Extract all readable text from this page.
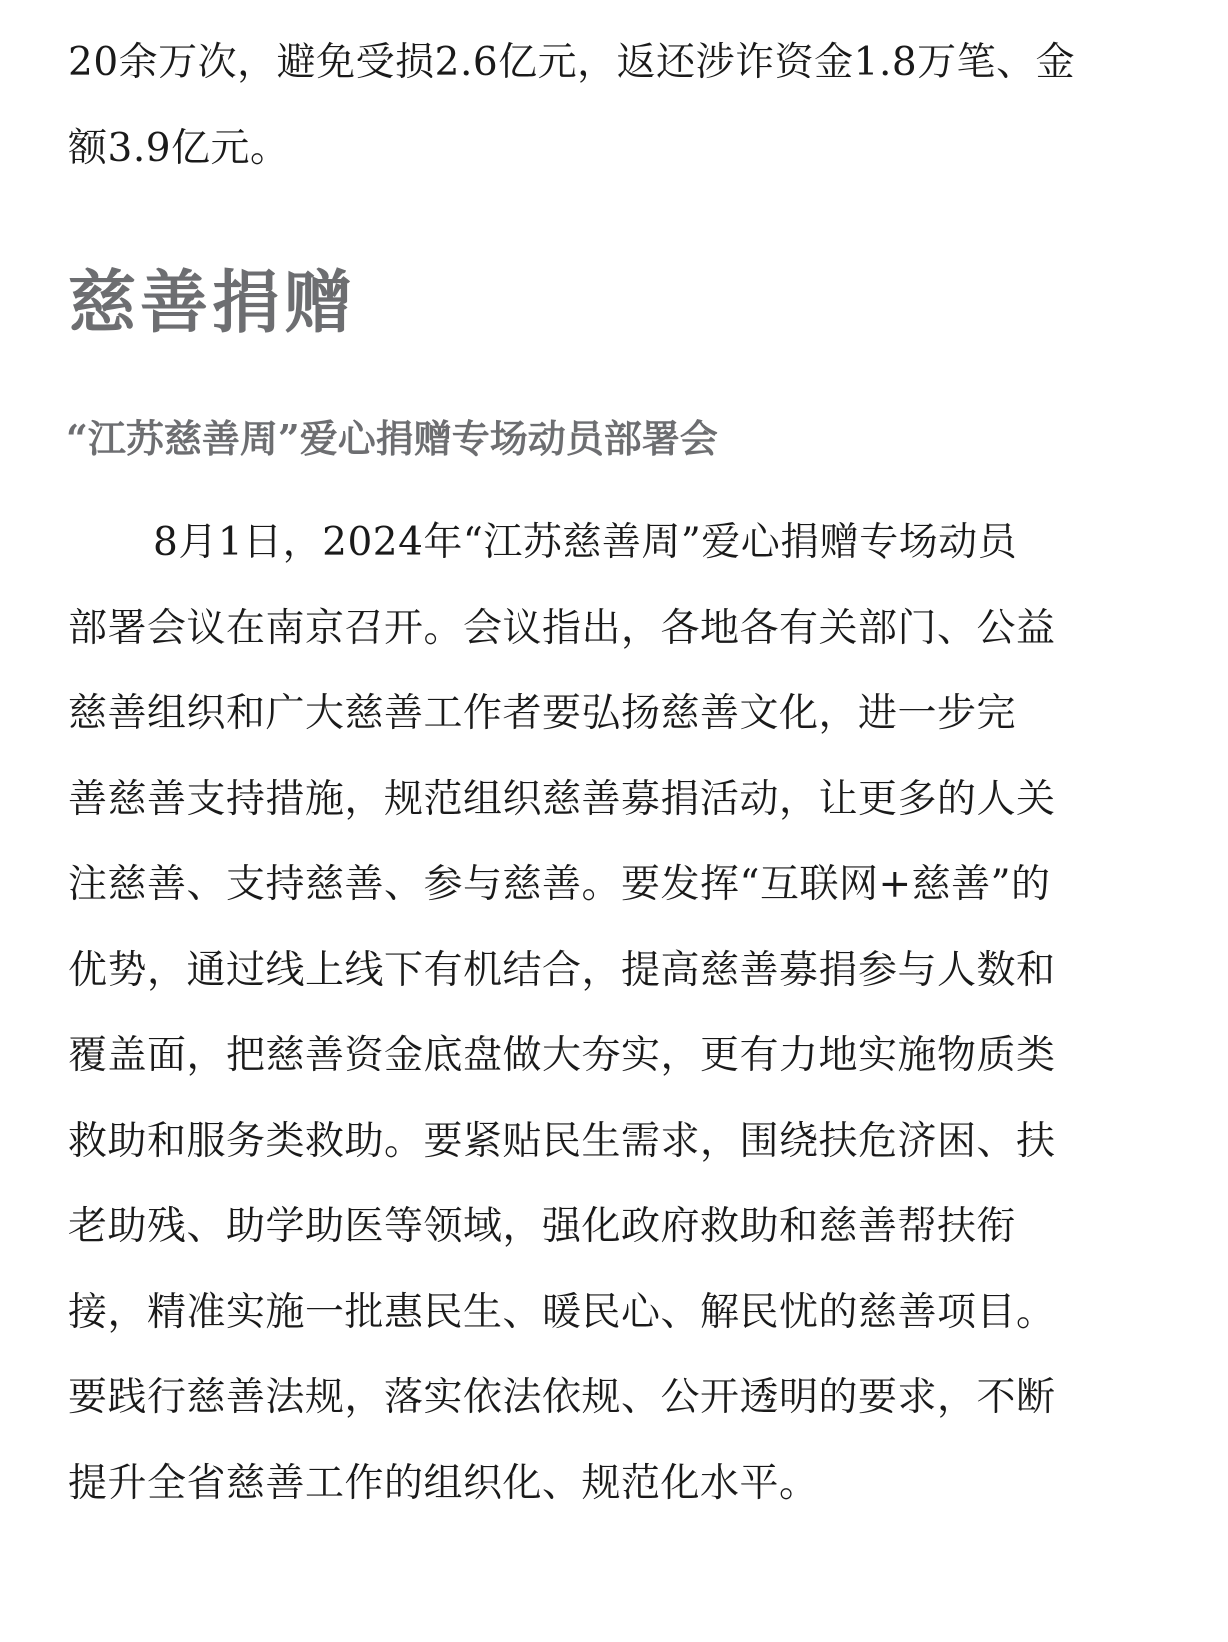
20余万次，避免受损2.6亿元，返还涉诈资金1.8万笔、金
额3.9亿元。
慈善捐赠
“江苏慈善周”爱心捐赠专场动员部署会
8月1日，2024年“江苏慈善周”爱心捐赠专场动员
部署会议在南京召开。会议指出，各地各有关部门、公益
慈善组织和广大慈善工作者要弘扬慈善文化，进一步完
善慈善支持措施，规范组织慈善募捐活动，让更多的人关
注慈善、支持慈善、参与慈善。要发挥“互联网+慈善”的
优势，通过线上线下有机结合，提高慈善募捐参与人数和
覆盖面，把慈善资金底盘做大夯实，更有力地实施物质类
救助和服务类救助。要紧贴民生需求，围绕扶危济困、扶
老助残、助学助医等领域，强化政府救助和慈善帮扶衔
接，精准实施一批惠民生、暖民心、解民忧的慈善项目。
要践行慈善法规，落实依法依规、公开透明的要求，不断
提升全省慈善工作的组织化、规范化水平。
